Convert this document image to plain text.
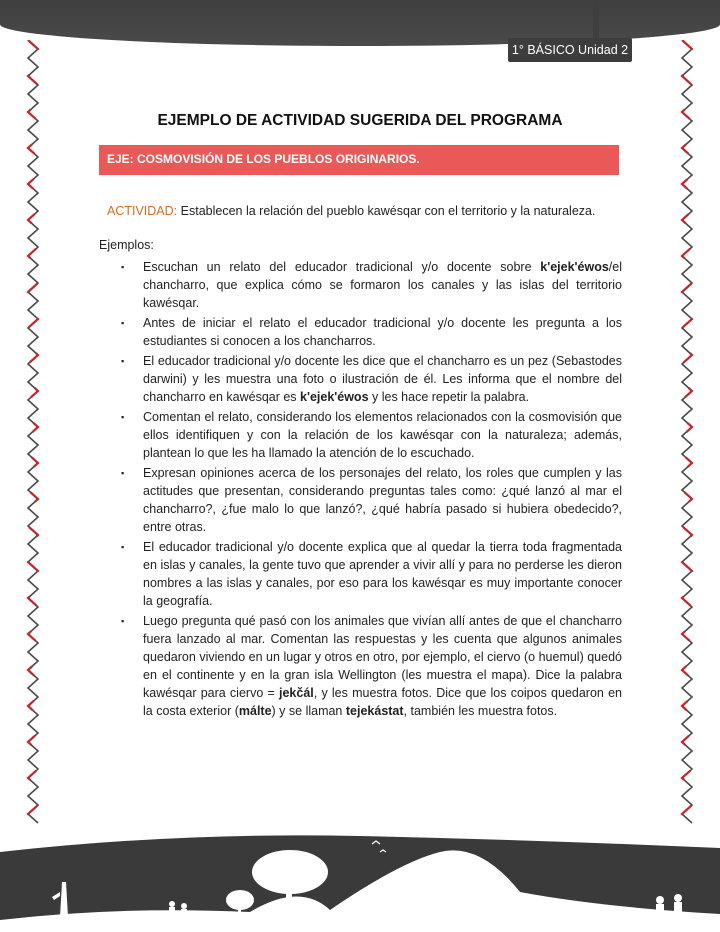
1° BÁSICO Unidad 2
EJEMPLO DE ACTIVIDAD SUGERIDA DEL PROGRAMA
EJE: COSMOVISIÓN DE LOS PUEBLOS ORIGINARIOS.
ACTIVIDAD: Establecen la relación del pueblo kawésqar con el territorio y la naturaleza.
Ejemplos:
▪ Escuchan un relato del educador tradicional y/o docente sobre k'ejek'éwos/el chancharro, que explica cómo se formaron los canales y las islas del territorio kawésqar.
▪ Antes de iniciar el relato el educador tradicional y/o docente les pregunta a los estudiantes si conocen a los chancharros.
▪ El educador tradicional y/o docente les dice que el chancharro es un pez (Sebastodes darwini) y les muestra una foto o ilustración de él. Les informa que el nombre del chancharro en kawésqar es k'ejek'éwos y les hace repetir la palabra.
▪ Comentan el relato, considerando los elementos relacionados con la cosmovisión que ellos identifiquen y con la relación de los kawésqar con la naturaleza; además, plantean lo que les ha llamado la atención de lo escuchado.
▪ Expresan opiniones acerca de los personajes del relato, los roles que cumplen y las actitudes que presentan, considerando preguntas tales como: ¿qué lanzó al mar el chancharro?, ¿fue malo lo que lanzó?, ¿qué habría pasado si hubiera obedecido?, entre otras.
▪ El educador tradicional y/o docente explica que al quedar la tierra toda fragmentada en islas y canales, la gente tuvo que aprender a vivir allí y para no perderse les dieron nombres a las islas y canales, por eso para los kawésqar es muy importante conocer la geografía.
▪ Luego pregunta qué pasó con los animales que vivían allí antes de que el chancharro fuera lanzado al mar. Comentan las respuestas y les cuenta que algunos animales quedaron viviendo en un lugar y otros en otro, por ejemplo, el ciervo (o huemul) quedó en el continente y en la gran isla Wellington (les muestra el mapa). Dice la palabra kawésqar para ciervo = jekčál, y les muestra fotos. Dice que los coipos quedaron en la costa exterior (málte) y se llaman tejekástat, también les muestra fotos.
